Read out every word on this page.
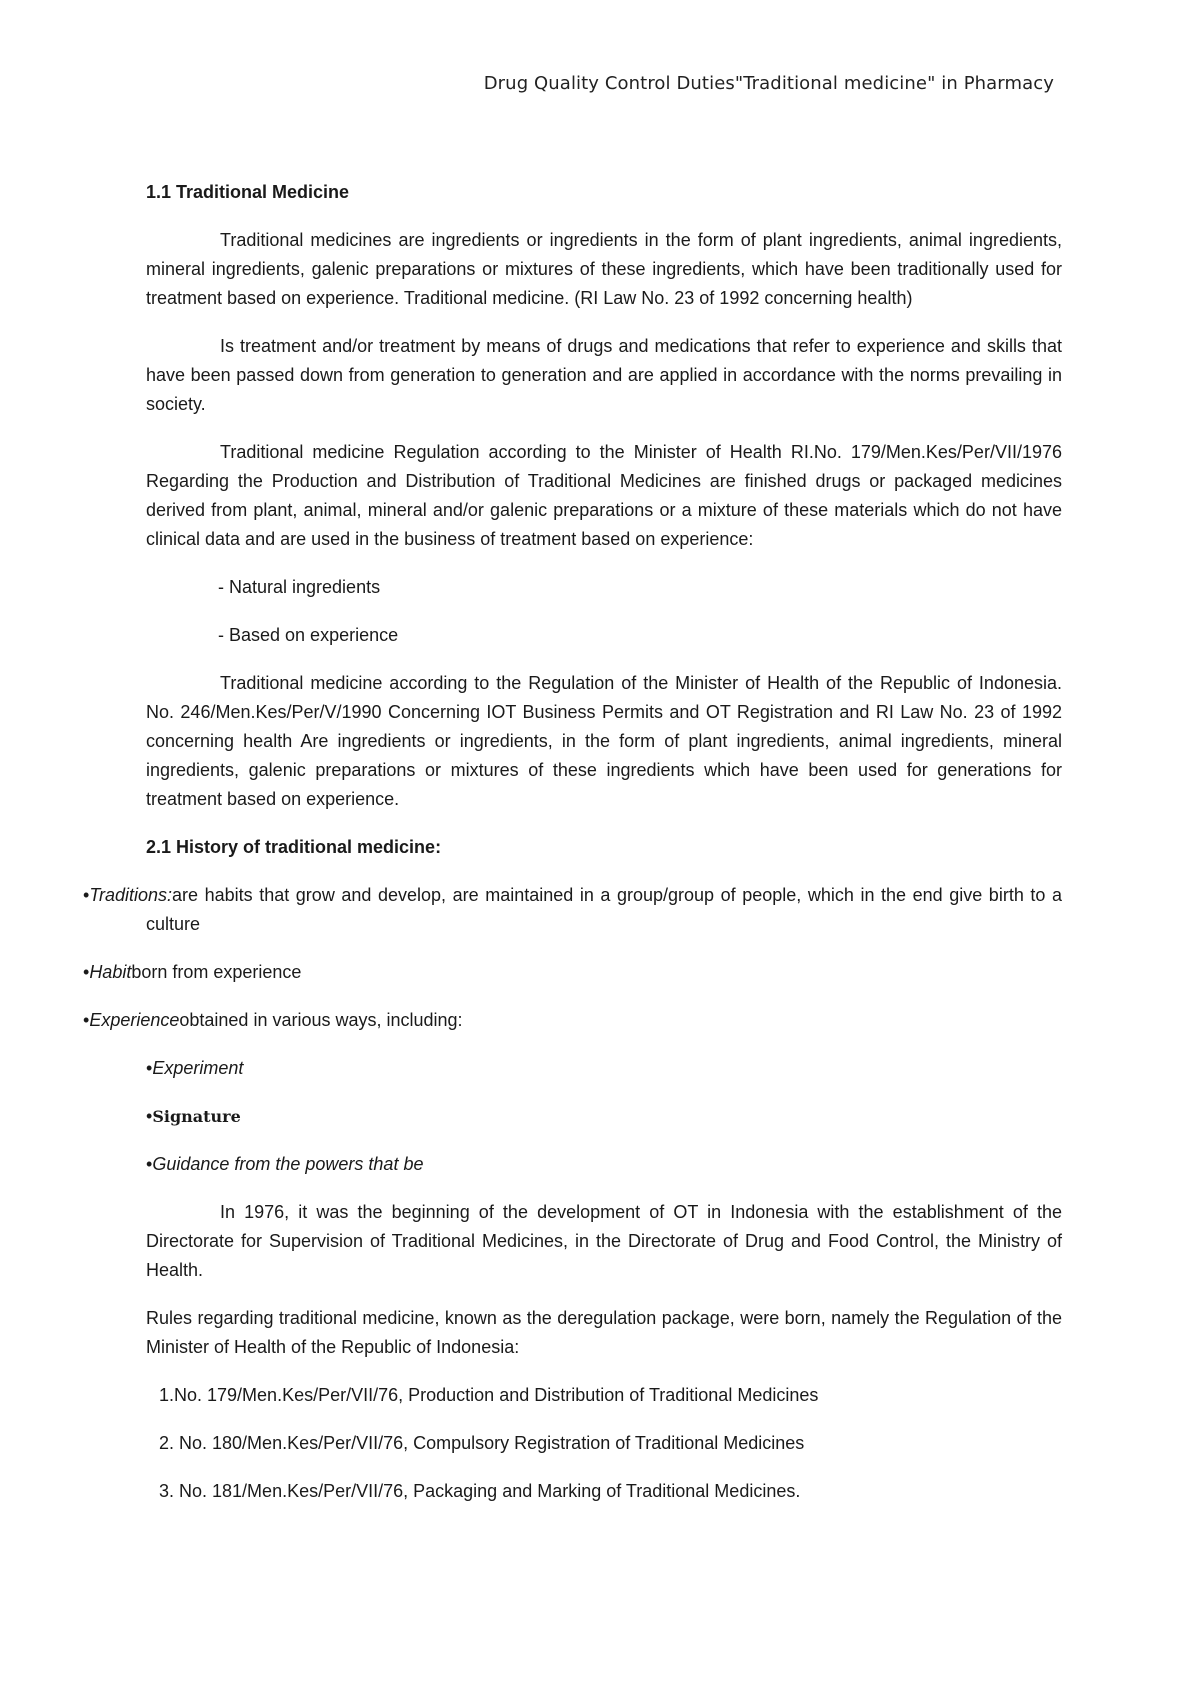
Drug Quality Control Duties"Traditional medicine" in Pharmacy

1.1 Traditional Medicine

Traditional medicines are ingredients or ingredients in the form of plant ingredients, animal ingredients, mineral ingredients, galenic preparations or mixtures of these ingredients, which have been traditionally used for treatment based on experience. Traditional medicine. (RI Law No. 23 of 1992 concerning health)

Is treatment and/or treatment by means of drugs and medications that refer to experience and skills that have been passed down from generation to generation and are applied in accordance with the norms prevailing in society.

Traditional medicine Regulation according to the Minister of Health RI.No. 179/Men.Kes/Per/VII/1976 Regarding the Production and Distribution of Traditional Medicines are finished drugs or packaged medicines derived from plant, animal, mineral and/or galenic preparations or a mixture of these materials which do not have clinical data and are used in the business of treatment based on experience:

- Natural ingredients

- Based on experience

Traditional medicine according to the Regulation of the Minister of Health of the Republic of Indonesia. No. 246/Men.Kes/Per/V/1990 Concerning IOT Business Permits and OT Registration and RI Law No. 23 of 1992 concerning health Are ingredients or ingredients, in the form of plant ingredients, animal ingredients, mineral ingredients, galenic preparations or mixtures of these ingredients which have been used for generations for treatment based on experience.

2.1 History of traditional medicine:

•Traditions:are habits that grow and develop, are maintained in a group/group of people, which in the end give birth to a culture

•Habitborn from experience

•Experienceobtained in various ways, including:

•Experiment

•Signature

•Guidance from the powers that be

In 1976, it was the beginning of the development of OT in Indonesia with the establishment of the Directorate for Supervision of Traditional Medicines, in the Directorate of Drug and Food Control, the Ministry of Health.

Rules regarding traditional medicine, known as the deregulation package, were born, namely the Regulation of the Minister of Health of the Republic of Indonesia:

1.No. 179/Men.Kes/Per/VII/76, Production and Distribution of Traditional Medicines

2. No. 180/Men.Kes/Per/VII/76, Compulsory Registration of Traditional Medicines

3. No. 181/Men.Kes/Per/VII/76, Packaging and Marking of Traditional Medicines.
